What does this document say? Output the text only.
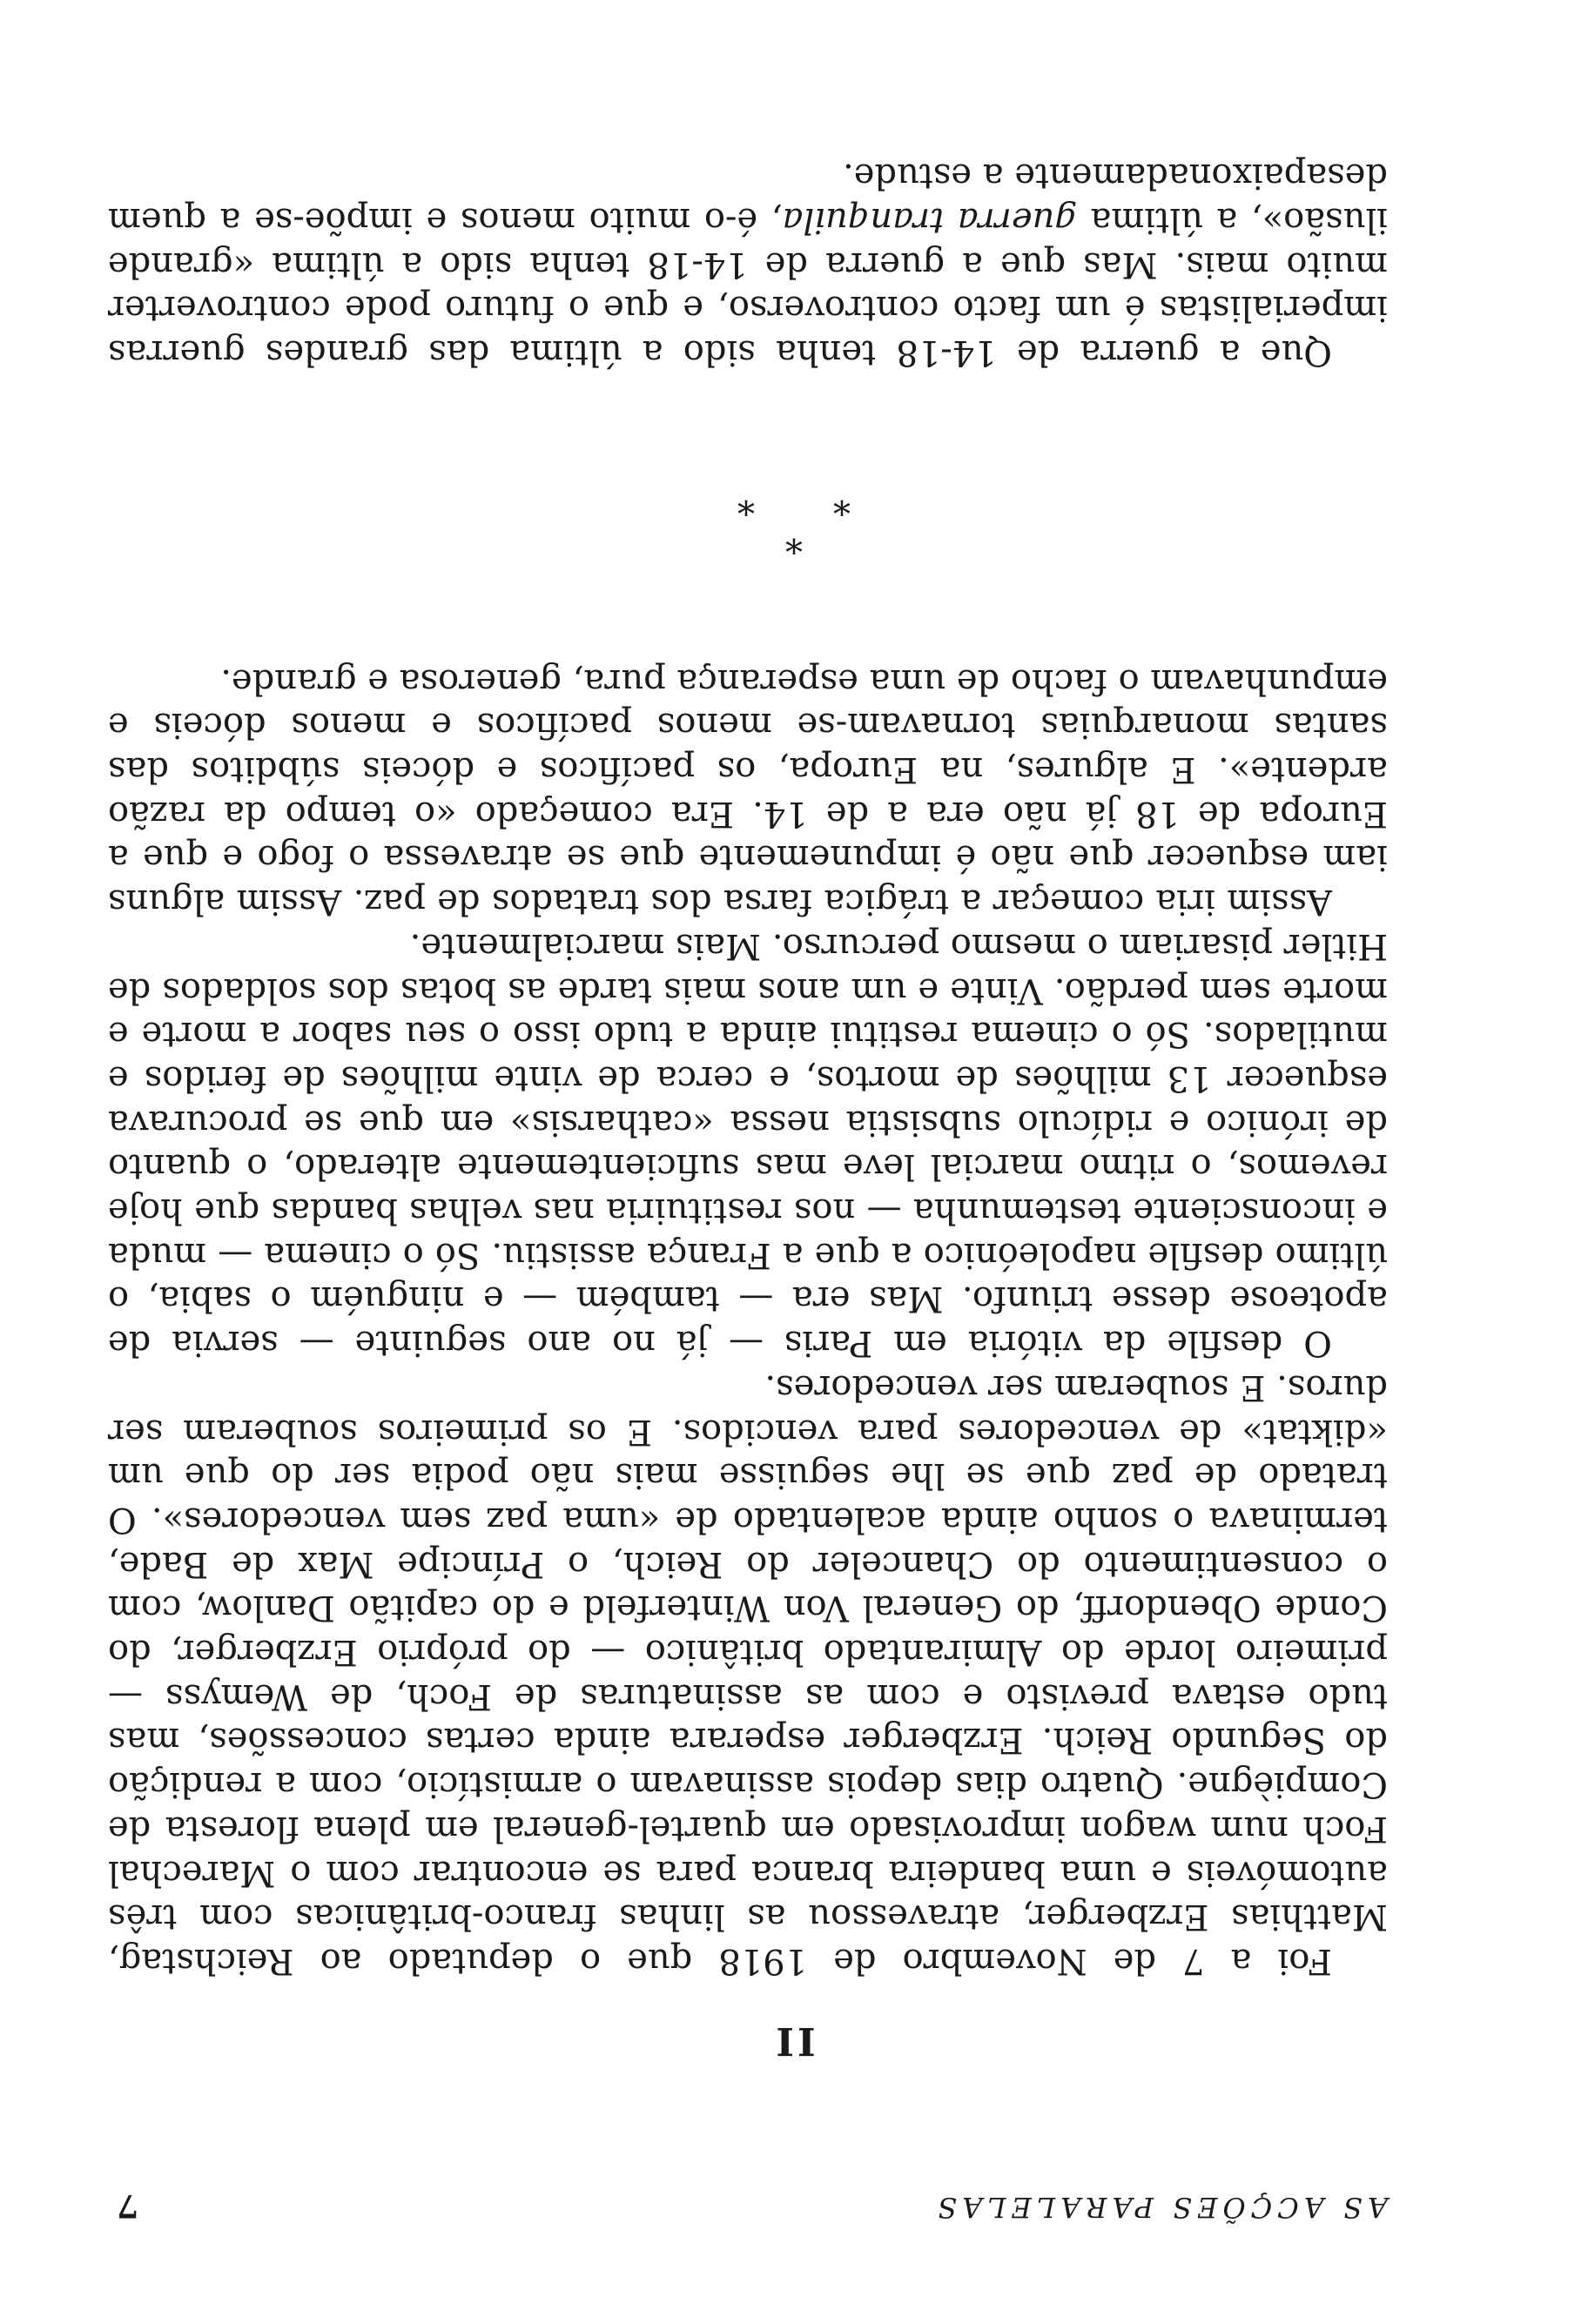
AS ACÇÕES PARALELAS
7
II

Foi a 7 de Novembro de 1918 que o deputado ao Reichstag, Matthias Erzberger, atravessou as linhas franco-britânicas com três automóveis e uma bandeira branca para se encontrar com o Marechal Foch num wagon improvisado em quartel-general em plena floresta de Compiègne. Quatro dias depois assinavam o armistício, com a rendição do Segundo Reich. Erzberger esperara ainda certas concessões, mas tudo estava previsto e com as assinaturas de Foch, de Wemyss — primeiro lorde do Almirantado britânico — do próprio Erzberger, do Conde Obendorff, do General Von Winterfeld e do capitão Danlow, com o consentimento do Chanceler do Reich, o Príncipe Max de Bade, terminava o sonho ainda acalentado de «uma paz sem vencedores». O tratado de paz que se lhe seguisse mais não podia ser do que um «diktat» de vencedores para vencidos. E os primeiros souberam ser duros. E souberam ser vencedores.

O desfile da vitória em Paris — já no ano seguinte — servia de apoteose desse triunfo. Mas era — também — e ninguém o sabia, o último desfile napoleónico a que a França assistiu. Só o cinema — muda e inconsciente testemunha — nos restituiria nas velhas bandas que hoje revemos, o ritmo marcial leve mas suficientemente alterado, o quanto de irónico e ridículo subsistia nessa «catharsis» em que se procurava esquecer 13 milhões de mortos, e cerca de vinte milhões de feridos e mutilados. Só o cinema restitui ainda a tudo isso o seu sabor a morte e morte sem perdão. Vinte e um anos mais tarde as botas dos soldados de Hitler pisariam o mesmo percurso. Mais marcialmente.

Assim iria começar a trágica farsa dos tratados de paz. Assim alguns iam esquecer que não é impunemente que se atravessa o fogo e que a Europa de 18 já não era a de 14. Era começado «o tempo da razão ardente». E algures, na Europa, os pacíficos e dóceis súbditos das santas monarquias tornavam-se menos pacíficos e menos dóceis e empunhavam o facho de uma esperança pura, generosa e grande.

*
**

Que a guerra de 14-18 tenha sido a última das grandes guerras imperialistas é um facto controverso, e que o futuro pode controverter muito mais. Mas que a guerra de 14-18 tenha sido a última «grande ilusão», a última guerra tranquila, é-o muito menos e impõe-se a quem desapaixonadamente a estude.
